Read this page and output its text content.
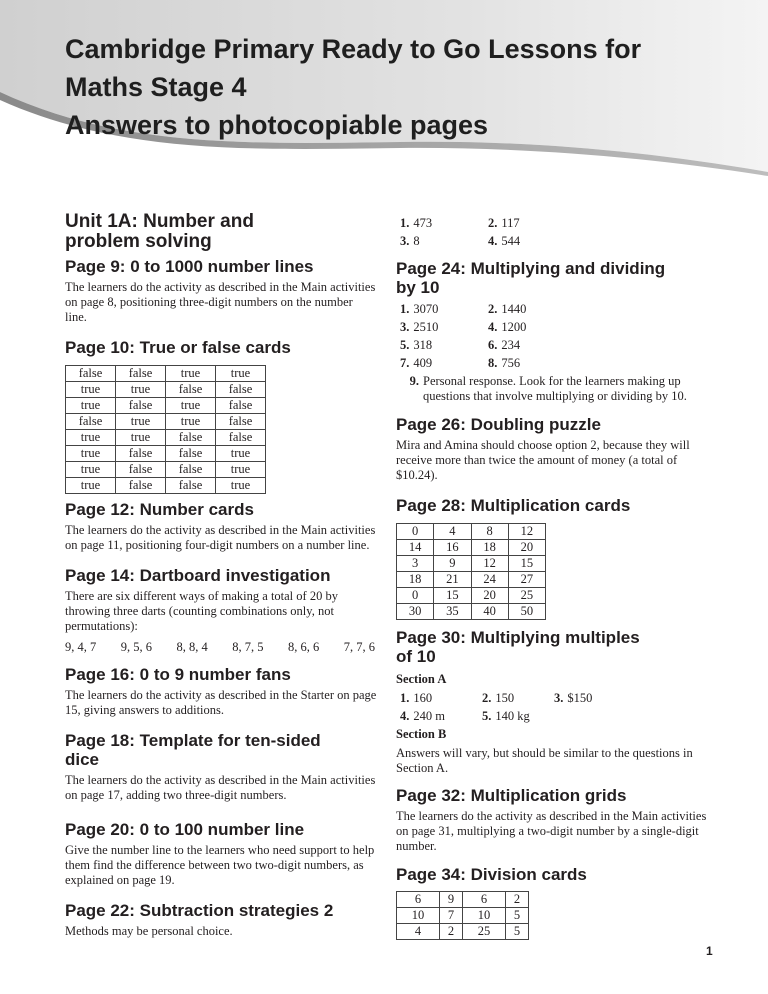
Cambridge Primary Ready to Go Lessons for
Maths Stage 4
Answers to photocopiable pages
Unit 1A: Number and
problem solving
Page 9: 0 to 1000 number lines

The learners do the activity as described in the Main activities on page 8, positioning three-digit numbers on the number line.

Page 10: True or false cards
false	false	true	true
true	true	false	false
true	false	true	false
false	true	true	false
true	true	false	false
true	false	false	true
true	false	false	true
true	false	false	true
Page 12: Number cards

The learners do the activity as described in the Main activities on page 11, positioning four-digit numbers on a number line.

Page 14: Dartboard investigation

There are six different ways of making a total of 20 by throwing three darts (counting combinations only, not permutations):

9, 4, 7 9, 5, 6 8, 8, 4 8, 7, 5 8, 6, 6 7, 7, 6
Page 16: 0 to 9 number fans

The learners do the activity as described in the Starter on page 15, giving answers to additions.

Page 18: Template for ten-sided
dice

The learners do the activity as described in the Main activities on page 17, adding two three-digit numbers.

Page 20: 0 to 100 number line

Give the number line to the learners who need support to help them find the difference between two two-digit numbers, as explained on page 19.

Page 22: Subtraction strategies 2

Methods may be personal choice.

1. 473	2. 117
3. 8	4. 544
Page 24: Multiplying and dividing
by 10
1. 3070	2. 1440
3. 2510	4. 1200
5. 318	6. 234
7. 409	8. 756

9. Personal response. Look for the learners making up questions that involve multiplying or dividing by 10.

Page 26: Doubling puzzle

Mira and Amina should choose option 2, because they will receive more than twice the amount of money (a total of $10.24).

Page 28: Multiplication cards
0	4	8	12
14	16	18	20
3	9	12	15
18	21	24	27
0	15	20	25
30	35	40	50
Page 30: Multiplying multiples
of 10
Section A
1. 160	2. 150	3. $150
4. 240 m	5. 140 kg
Section B

Answers will vary, but should be similar to the questions in Section A.

Page 32: Multiplication grids

The learners do the activity as described in the Main activities on page 31, multiplying a two-digit number by a single-digit number.

Page 34: Division cards
6	9	6	2
10	7	10	5
4	2	25	5
1
